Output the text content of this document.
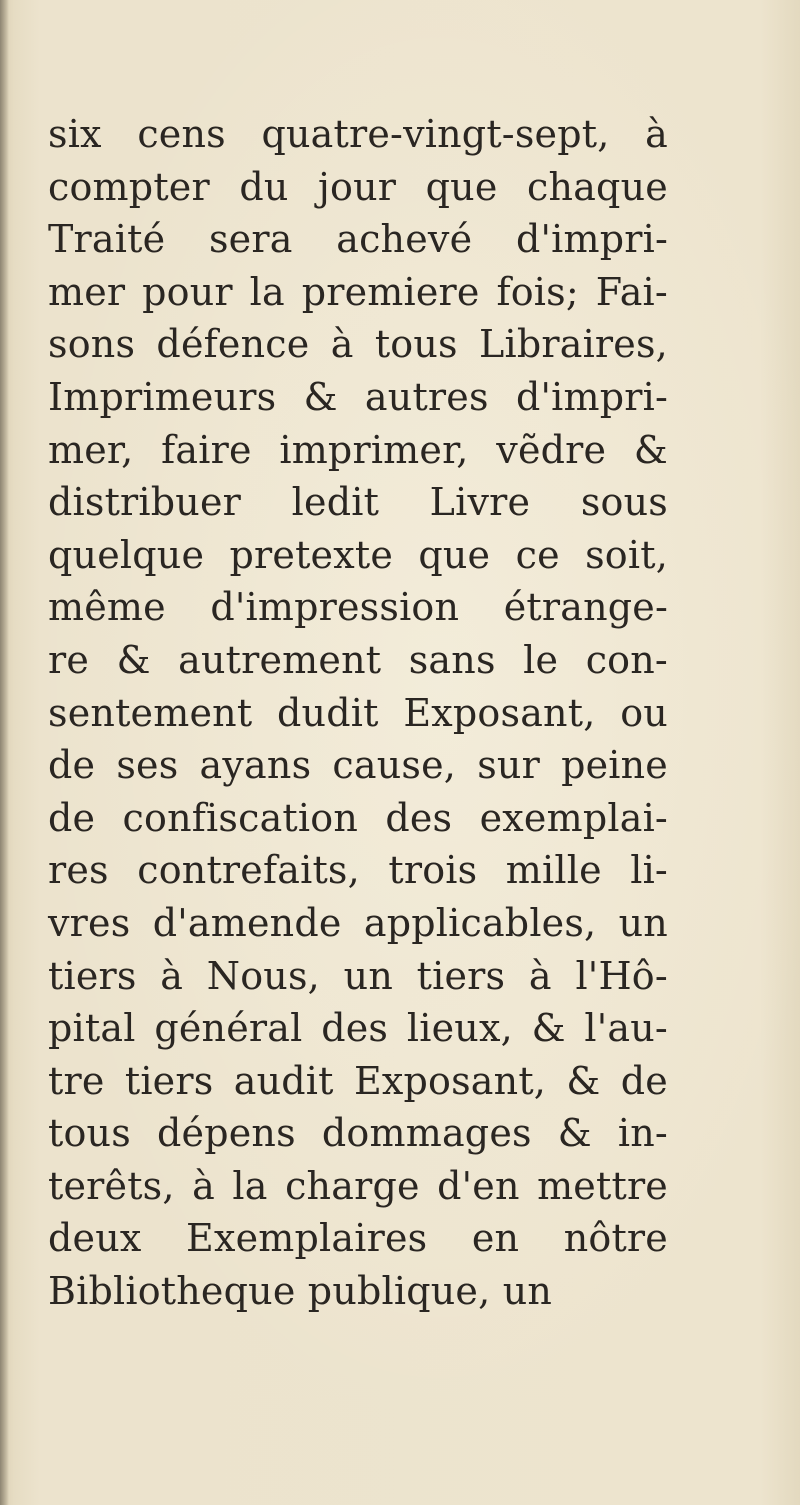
six cens quatre-vingt-sept, à
compter du jour que chaque
Traité sera achevé d'impri-
mer pour la premiere fois; Fai-
sons défence à tous Libraires,
Imprimeurs & autres d'impri-
mer, faire imprimer, vẽdre &
distribuer ledit Livre sous
quelque pretexte que ce soit,
même d'impression étrange-
re & autrement sans le con-
sentement dudit Exposant, ou
de ses ayans cause, sur peine
de confiscation des exemplai-
res contrefaits, trois mille li-
vres d'amende applicables, un
tiers à Nous, un tiers à l'Hô-
pital général des lieux, & l'au-
tre tiers audit Exposant, & de
tous dépens dommages & in-
terêts, à la charge d'en mettre
deux Exemplaires en nôtre
Bibliotheque
publique,
un
